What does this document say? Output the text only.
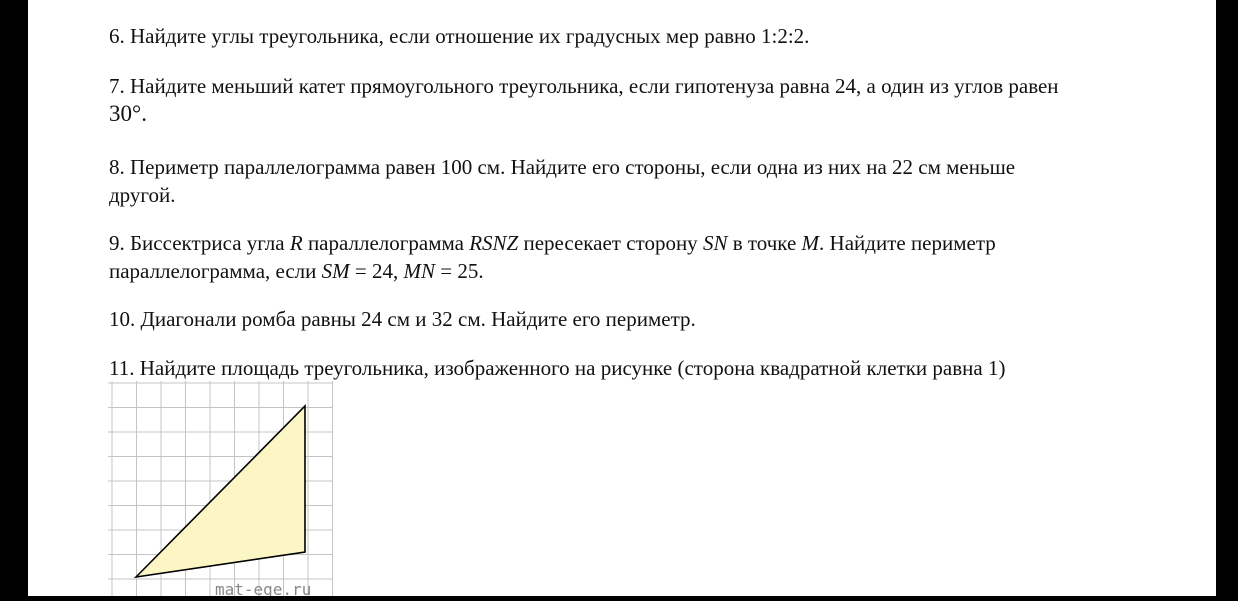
6. Найдите углы треугольника, если отношение их градусных мер равно 1:2:2.

7. Найдите меньший катет прямоугольного треугольника, если гипотенуза равна 24, а один из углов равен
30°.

8. Периметр параллелограмма равен 100 см. Найдите его стороны, если одна из них на 22 см меньше
другой.

9. Биссектриса угла R параллелограмма RSNZ пересекает сторону SN в точке M. Найдите периметр
параллелограмма, если SM = 24, MN = 25.

10. Диагонали ромба равны 24 см и 32 см. Найдите его периметр.

11. Найдите площадь треугольника, изображенного на рисунке (сторона квадратной клетки равна 1)

mat-ege.ru
